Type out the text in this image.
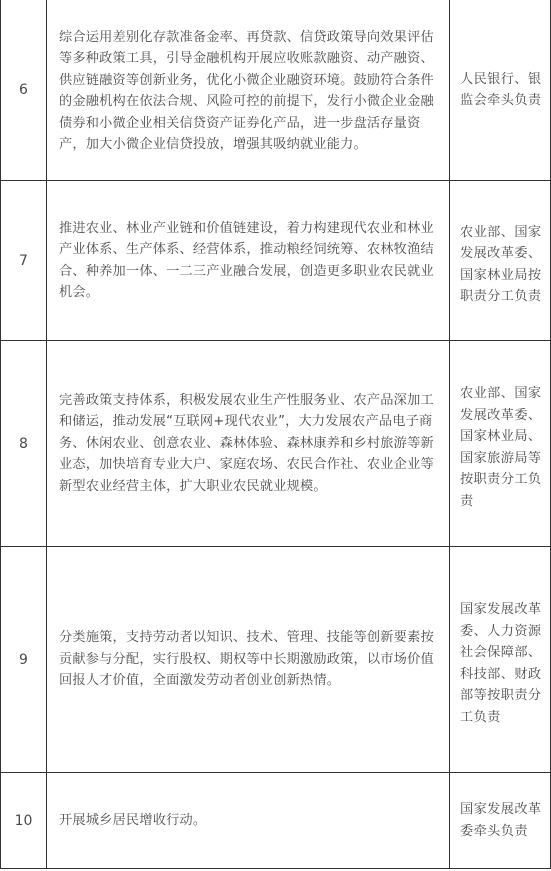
6	综合运用差别化存款准备金率、再贷款、信贷政策导向效果评估等多种政策工具，引导金融机构开展应收账款融资、动产融资、供应链融资等创新业务，优化小微企业融资环境。鼓励符合条件的金融机构在依法合规、风险可控的前提下，发行小微企业金融债券和小微企业相关信贷资产证券化产品，进一步盘活存量资产，加大小微企业信贷投放，增强其吸纳就业能力。	人民银行、银监会牵头负责

7	推进农业、林业产业链和价值链建设，着力构建现代农业和林业产业体系、生产体系、经营体系，推动粮经饲统筹、农林牧渔结合、种养加一体、一二三产业融合发展，创造更多职业农民就业机会。	农业部、国家发展改革委、国家林业局按职责分工负责

8	完善政策支持体系，积极发展农业生产性服务业、农产品深加工和储运，推动发展“互联网+现代农业”，大力发展农产品电子商务、休闲农业、创意农业、森林体验、森林康养和乡村旅游等新业态，加快培育专业大户、家庭农场、农民合作社、农业企业等新型农业经营主体，扩大职业农民就业规模。	农业部、国家发展改革委、国家林业局、国家旅游局等按职责分工负责

9	分类施策，支持劳动者以知识、技术、管理、技能等创新要素按贡献参与分配，实行股权、期权等中长期激励政策，以市场价值回报人才价值，全面激发劳动者创业创新热情。	国家发展改革委、人力资源社会保障部、科技部、财政部等按职责分工负责

10	开展城乡居民增收行动。	国家发展改革委牵头负责
